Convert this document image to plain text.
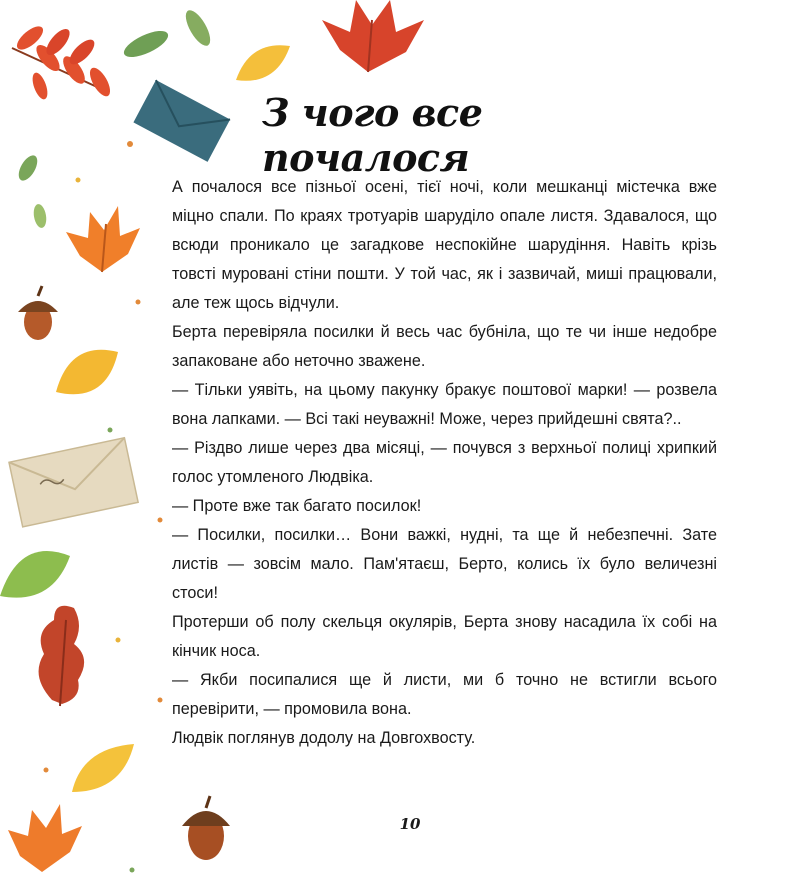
З чого все почалося

А почалося все пізньої осені, тієї ночі, коли мешканці містечка вже міцно спали. По краях тротуарів шаруділо опале листя. Здавалося, що всюди проникало це загадкове неспокійне шарудіння. Навіть крізь товсті муровані стіни пошти. У той час, як і зазвичай, миші працювали, але теж щось відчули.

Берта перевіряла посилки й весь час бубніла, що те чи інше недобре запаковане або неточно зважене.

— Тільки уявіть, на цьому пакунку бракує поштової марки! — розвела вона лапками. — Всі такі неуважні! Може, через прийдешні свята?..

— Різдво лише через два місяці, — почувся з верхньої полиці хрипкий голос утомленого Людвіка.

— Проте вже так багато посилок!

— Посилки, посилки… Вони важкі, нудні, та ще й небезпечні. Зате листів — зовсім мало. Пам'ятаєш, Берто, колись їх було величезні стоси!

Протерши об полу скельця окулярів, Берта знову насадила їх собі на кінчик носа.

— Якби посипалися ще й листи, ми б точно не встигли всього перевірити, — промовила вона.

Людвік поглянув додолу на Довгохвосту.

10
